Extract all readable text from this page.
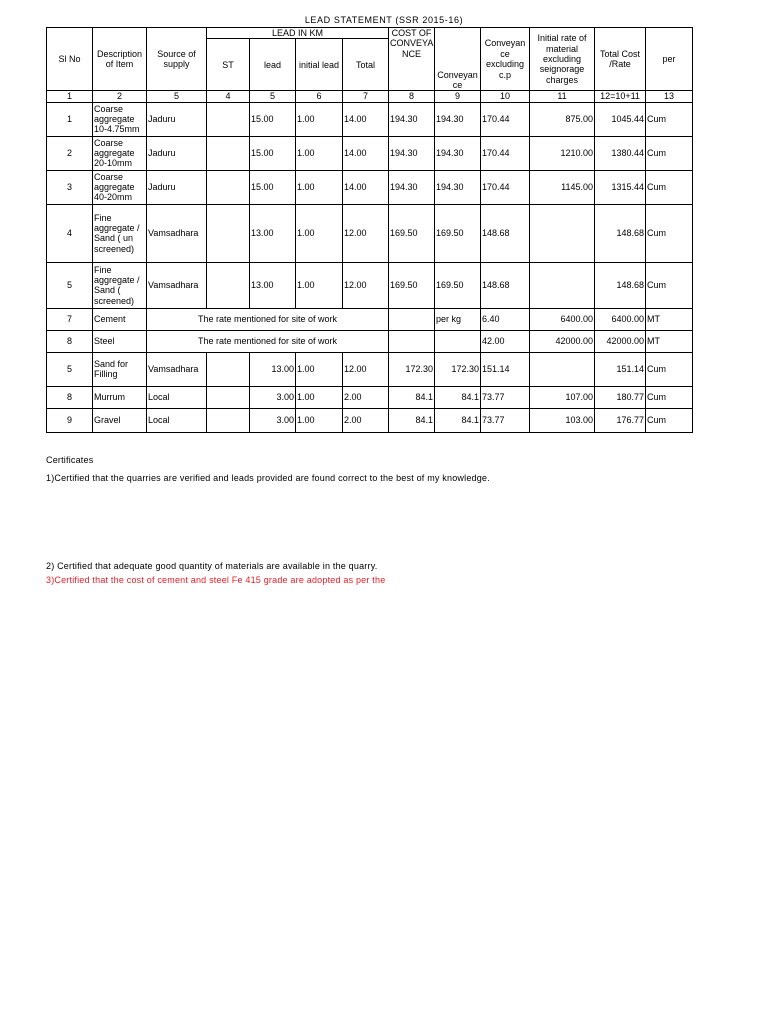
LEAD STATEMENT (SSR 2015-16)
Sl No	Description of Item	Source of supply	LEAD IN KM				COST OF CONVEYA NCE	Conveyan ce	Conveyan ce excluding c.p	Initial rate of material excluding seignorage charges	Total Cost /Rate	per
			ST	lead	initial lead	Total						
1	2	5	4	5	6	7	8	9	10	11	12=10+11	13
1	Coarse aggregate 10-4.75mm	Jaduru		15.00	1.00	14.00	194.30	194.30	170.44	875.00	1045.44	Cum
2	Coarse aggregate 20-10mm	Jaduru		15.00	1.00	14.00	194.30	194.30	170.44	1210.00	1380.44	Cum
3	Coarse aggregate 40-20mm	Jaduru		15.00	1.00	14.00	194.30	194.30	170.44	1145.00	1315.44	Cum
4	Fine aggregate / Sand ( un screened)	Vamsadhara		13.00	1.00	12.00	169.50	169.50	148.68		148.68	Cum
5	Fine aggregate / Sand ( screened)	Vamsadhara		13.00	1.00	12.00	169.50	169.50	148.68		148.68	Cum
7	Cement	The rate mentioned for site of work						per kg	6.40	6400.00	6400.00	MT
8	Steel	The rate mentioned for site of work							42.00	42000.00	42000.00	MT
5	Sand for Filling	Vamsadhara		13.00	1.00	12.00	172.30	172.30	151.14		151.14	Cum
8	Murrum	Local		3.00	1.00	2.00	84.1	84.1	73.77	107.00	180.77	Cum
9	Gravel	Local		3.00	1.00	2.00	84.1	84.1	73.77	103.00	176.77	Cum
Certificates
1)Certified that the quarries are verified and leads provided are found correct to the best of my knowledge.
2) Certified that adequate good quantity of materials are available in the quarry.
3)Certified that the cost of cement and steel Fe 415 grade are adopted as per the
